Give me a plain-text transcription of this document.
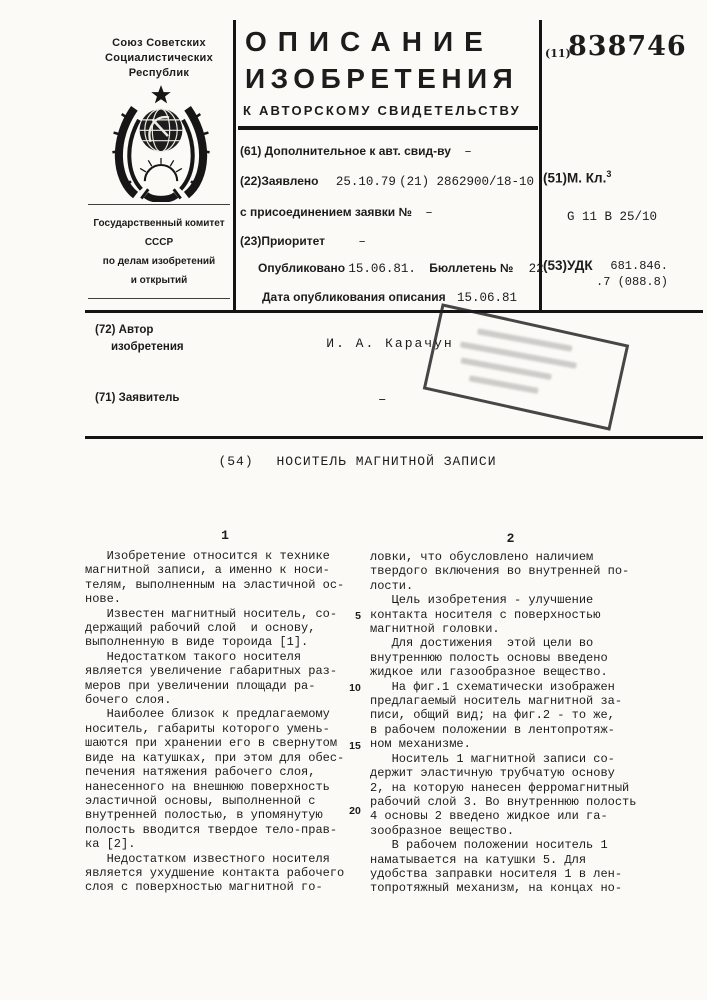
Союз Советских
Социалистических
Республик
Государственный комитет
СССР
по делам изобретений
и открытий
ОПИСАНИЕ
ИЗОБРЕТЕНИЯ
К АВТОРСКОМУ СВИДЕТЕЛЬСТВУ
(11)
838746
(61) Дополнительное к авт. свид-ву –
(22)Заявлено 25.10.79 (21) 2862900/18-10
с присоединением заявки № –
(23)Приоритет	–
Опубликовано 15.06.81. Бюллетень № 22
Дата опубликования описания 15.06.81
(51)М. Кл.$^3$
G 11 B 25/10
(53)УДК	681.846.
.7 (088.8)
(72) Автор
изобретения	И. А. Карачун
(71) Заявитель	–
(54) НОСИТЕЛЬ МАГНИТНОЙ ЗАПИСИ
1	2

Изобретение относится к технике
магнитной записи, а именно к носи-
телям, выполненным на эластичной ос-
нове.

Известен магнитный носитель, со-
держащий рабочий слой  и основу,
выполненную в виде тороида [1].

Недостатком такого носителя
является увеличение габаритных раз-
меров при увеличении площади ра-
бочего слоя.

Наиболее близок к предлагаемому
носитель, габариты которого умень-
шаются при хранении его в свернутом
виде на катушках, при этом для обес-
печения натяжения рабочего слоя,
нанесенного на внешнюю поверхность
эластичной основы, выполненной с
внутренней полостью, в упомянутую
полость вводится твердое тело-прав-
ка [2].

Недостатком известного носителя
является ухудшение контакта рабочего
слоя с поверхностью магнитной го-

ловки, что обусловлено наличием
твердого включения во внутренней по-
лости.

Цель изобретения - улучшение
контакта носителя с поверхностью
магнитной головки.

Для достижения  этой цели во
внутреннюю полость основы введено
жидкое или газообразное вещество.

На фиг.1 схематически изображен
предлагаемый носитель магнитной за-
писи, общий вид; на фиг.2 - то же,
в рабочем положении в лентопротяж-
ном механизме.

Носитель 1 магнитной записи со-
держит эластичную трубчатую основу
2, на которую нанесен ферромагнитный
рабочий слой 3. Во внутреннюю полость
4 основы 2 введено жидкое или га-
зообразное вещество.

В рабочем положении носитель 1
наматывается на катушки 5. Для
удобства заправки носителя 1 в лен-
топротяжный механизм, на концах но-

5
10
15
20
